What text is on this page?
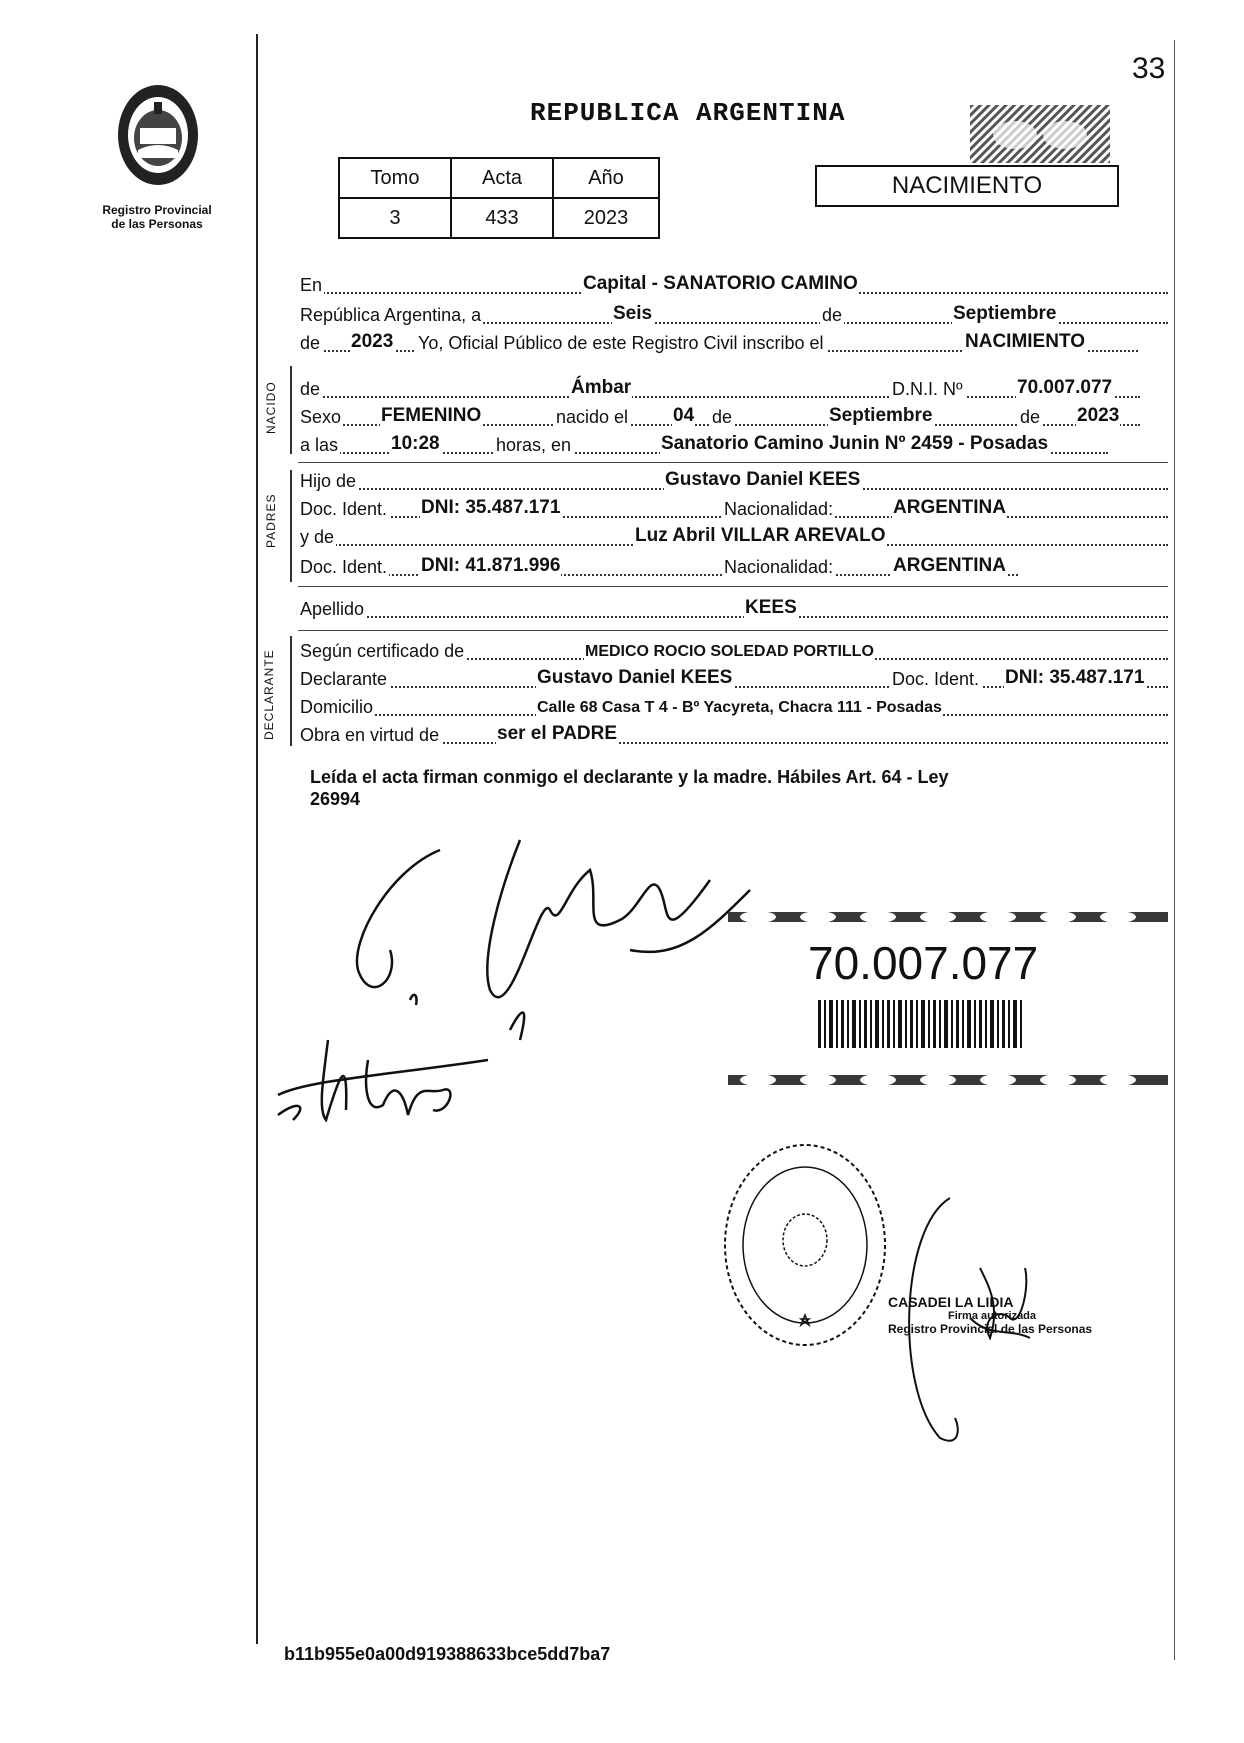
33
Registro Provincial
de las Personas
REPUBLICA ARGENTINA
Tomo	Acta	Año
3	433	2023
NACIMIENTO
En	Capital - SANATORIO CAMINO
República Argentina, a	Seis	de	Septiembre
de 2023 Yo, Oficial Público de este Registro Civil inscribo el	NACIMIENTO
NACIDO de	Ámbar	D.N.I. Nº	70.007.077
Sexo FEMENINO	nacido el 04 de	Septiembre	de 2023
a las	10:28	horas, en	Sanatorio Camino Junin Nº 2459 - Posadas
PADRES
Hijo de	Gustavo Daniel KEES
Doc. Ident. DNI: 35.487.171	Nacionalidad:	ARGENTINA
y de	Luz Abril VILLAR AREVALO
Doc. Ident. DNI: 41.871.996	Nacionalidad:	ARGENTINA
Apellido	KEES
DECLARANTE Según certificado de	MEDICO ROCIO SOLEDAD PORTILLO
Declarante	Gustavo Daniel KEES	Doc. Ident. DNI: 35.487.171
Domicilio	Calle 68 Casa T 4 - Bº Yacyreta, Chacra 111 - Posadas
Obra en virtud de	ser el PADRE
Leída el acta firman conmigo el declarante y la madre. Hábiles Art. 64 - Ley
26994
70.007.077
CASADEI LA LIDIA
Firma autorizada
Registro Provincial de las Personas
b11b955e0a00d919388633bce5dd7ba7
